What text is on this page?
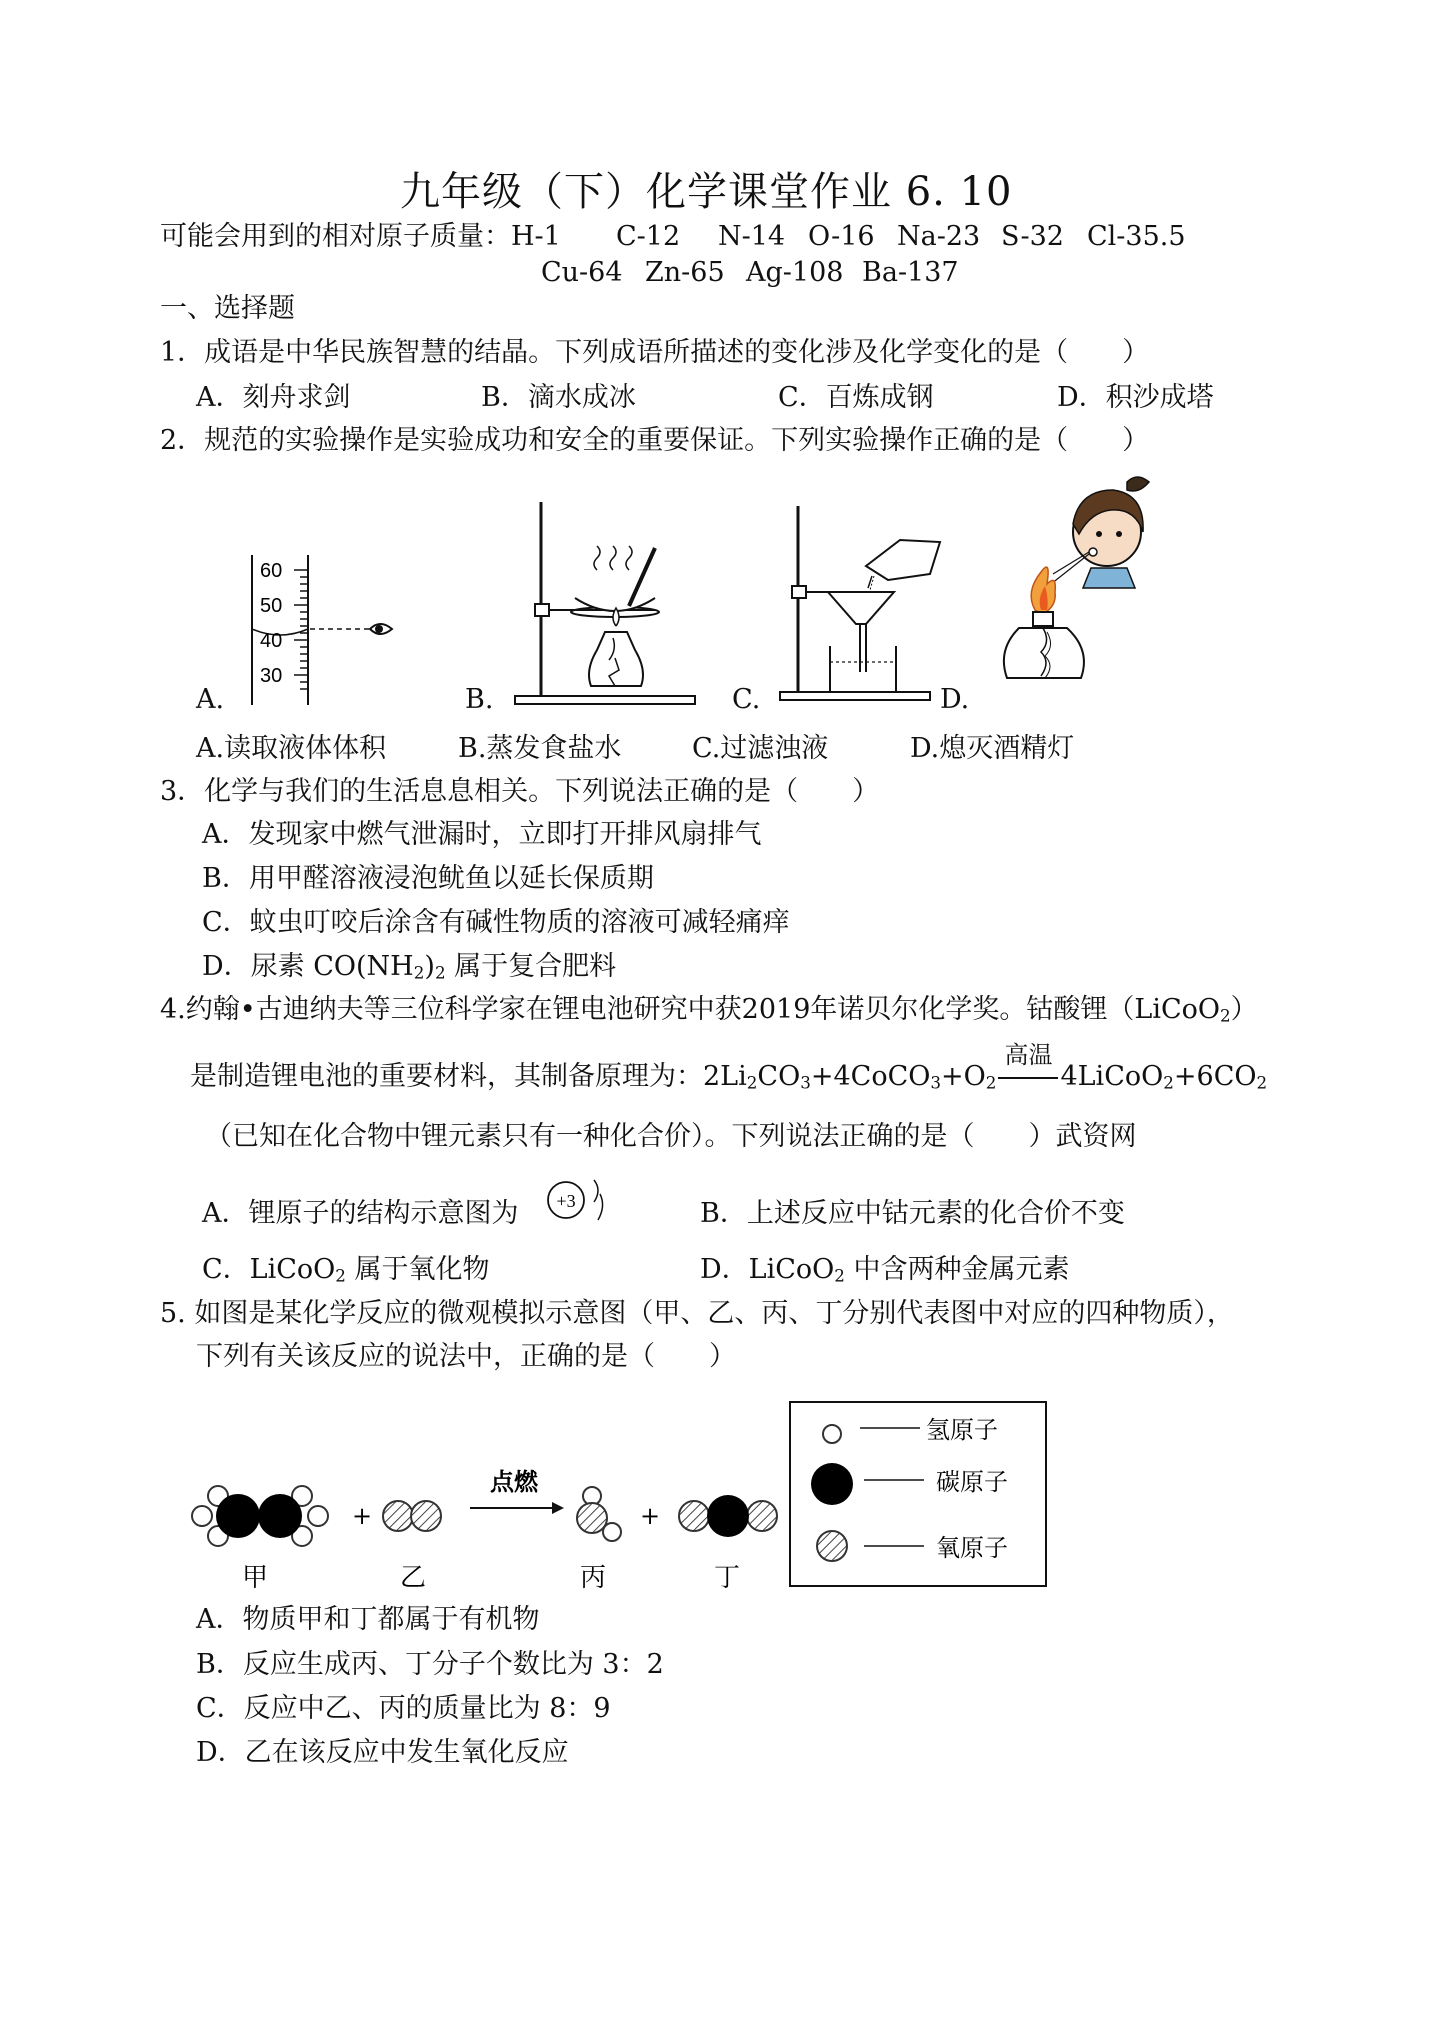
九年级（下）化学课堂作业 6. 10
可能会用到的相对原子质量：H-1 C-12 N-14 O-16 Na-23 S-32 Cl-35.5
Cu-64 Zn-65 Ag-108 Ba-137
一、选择题
1．成语是中华民族智慧的结晶。下列成语所描述的变化涉及化学变化的是（　　）
A．刻舟求剑	B．滴水成冰	C．百炼成钢	D．积沙成塔
2．规范的实验操作是实验成功和安全的重要保证。下列实验操作正确的是（　　）
60
50
40
30
A.	B.	C.	D.
A.读取液体体积	B.蒸发食盐水	C.过滤浊液	D.熄灭酒精灯
3．化学与我们的生活息息相关。下列说法正确的是（　　）
A．发现家中燃气泄漏时，立即打开排风扇排气
B．用甲醛溶液浸泡鱿鱼以延长保质期
C．蚊虫叮咬后涂含有碱性物质的溶液可减轻痛痒
D．尿素 $CO(NH_2)_2$ 属于复合肥料
4.约翰•古迪纳夫等三位科学家在锂电池研究中获2019年诺贝尔化学奖。钴酸锂（LiCoO$_2$）
是制造锂电池的重要材料，其制备原理为：$2Li_2CO_3+4CoCO_3+O_2$
高温
$4LiCoO_2+6CO_2$
（已知在化合物中锂元素只有一种化合价）。下列说法正确的是（　　）武资网
A．锂原子的结构示意图为 +3	B．上述反应中钴元素的化合价不变
C．LiCoO$_2$ 属于氧化物	D．LiCoO$_2$ 中含两种金属元素
5. 如图是某化学反应的微观模拟示意图（甲、乙、丙、丁分别代表图中对应的四种物质），
下列有关该反应的说法中，正确的是（　　）
+
点燃
+
甲	乙	丙	丁
氢原子
碳原子
氧原子
A．物质甲和丁都属于有机物
B．反应生成丙、丁分子个数比为 3：2
C．反应中乙、丙的质量比为 8：9
D．乙在该反应中发生氧化反应
